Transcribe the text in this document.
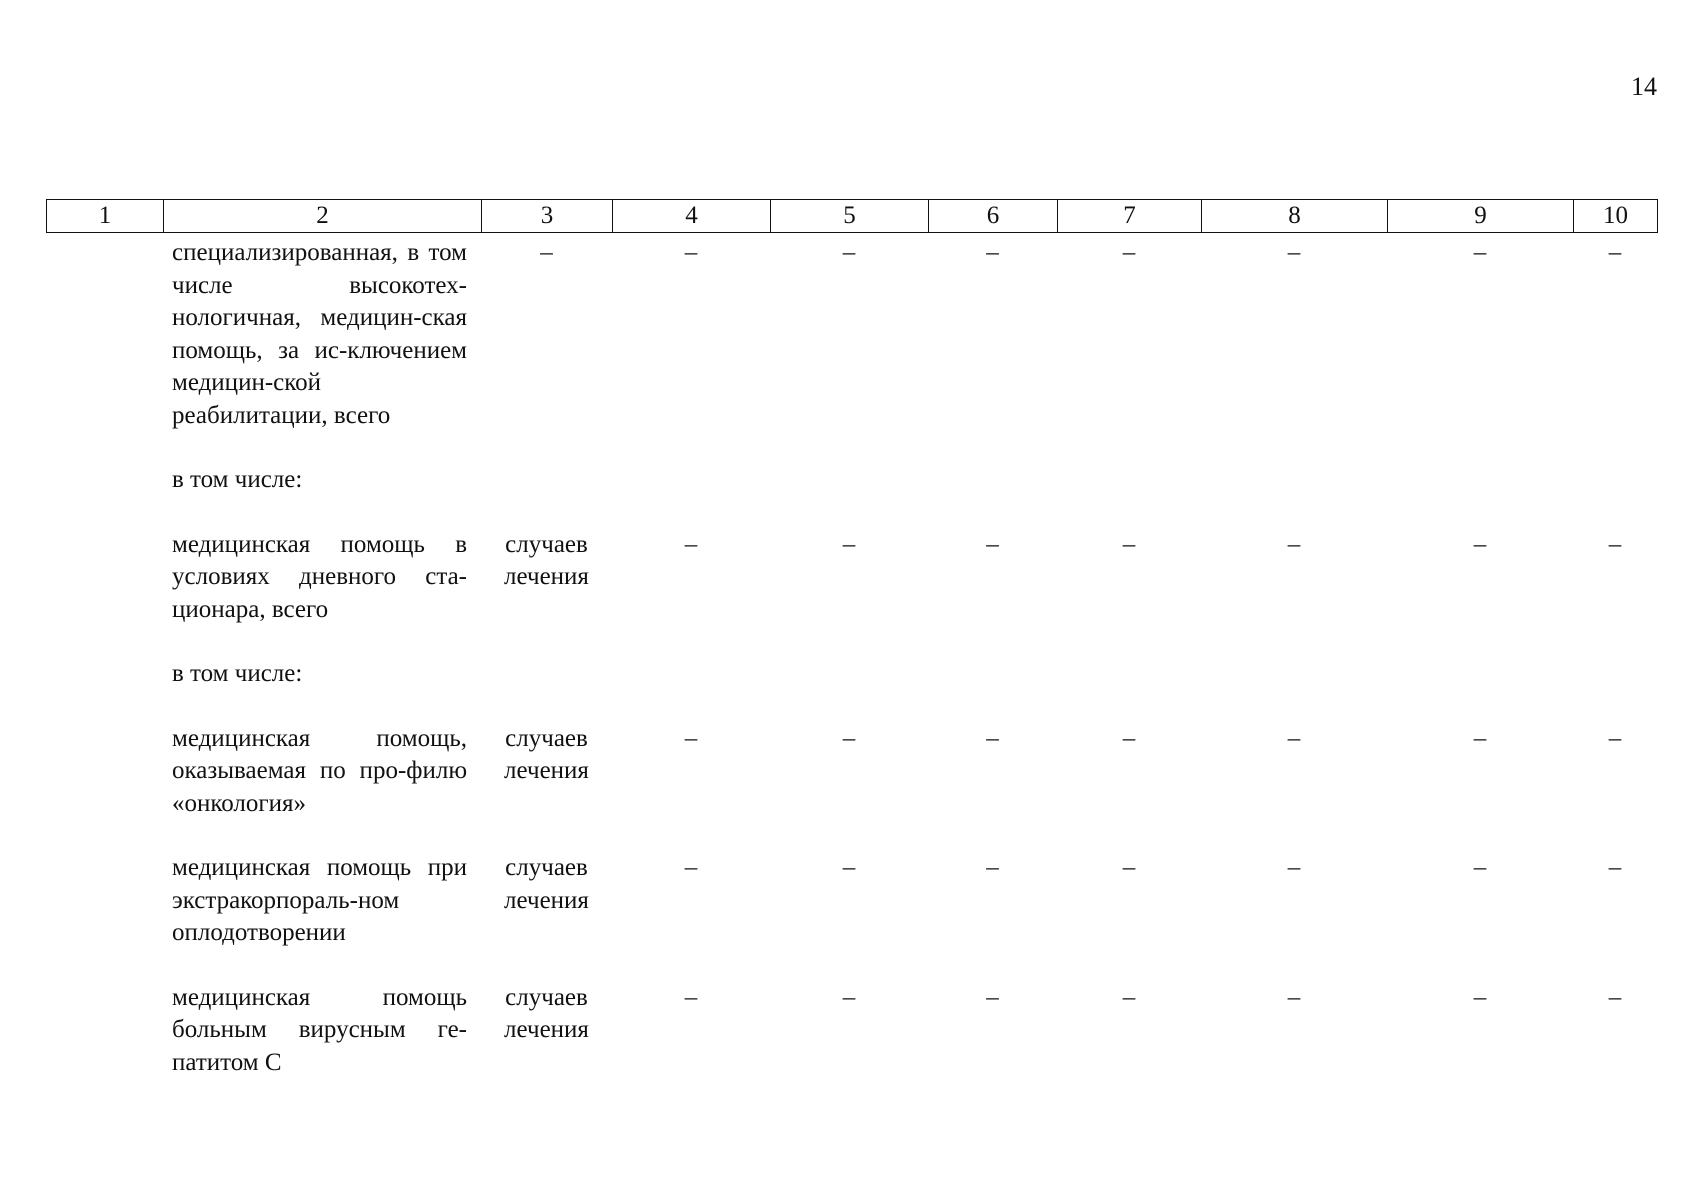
14
1	2	3	4	5	6	7	8	9	10
специализированная, в том числе высокотех-нологичная, медицин-ская помощь, за ис-ключением медицин-ской реабилитации, всего	–	–	–	–	–	–	–	–
в том числе:								
медицинская помощь в условиях дневного ста-ционара, всего	случаев лечения	–	–	–	–	–	–	–
в том числе:								
медицинская помощь, оказываемая по про-филю «онкология»	случаев лечения	–	–	–	–	–	–	–
медицинская помощь при экстракорпораль-ном оплодотворении	случаев лечения	–	–	–	–	–	–	–
медицинская помощь больным вирусным ге-патитом С	случаев лечения	–	–	–	–	–	–	–
